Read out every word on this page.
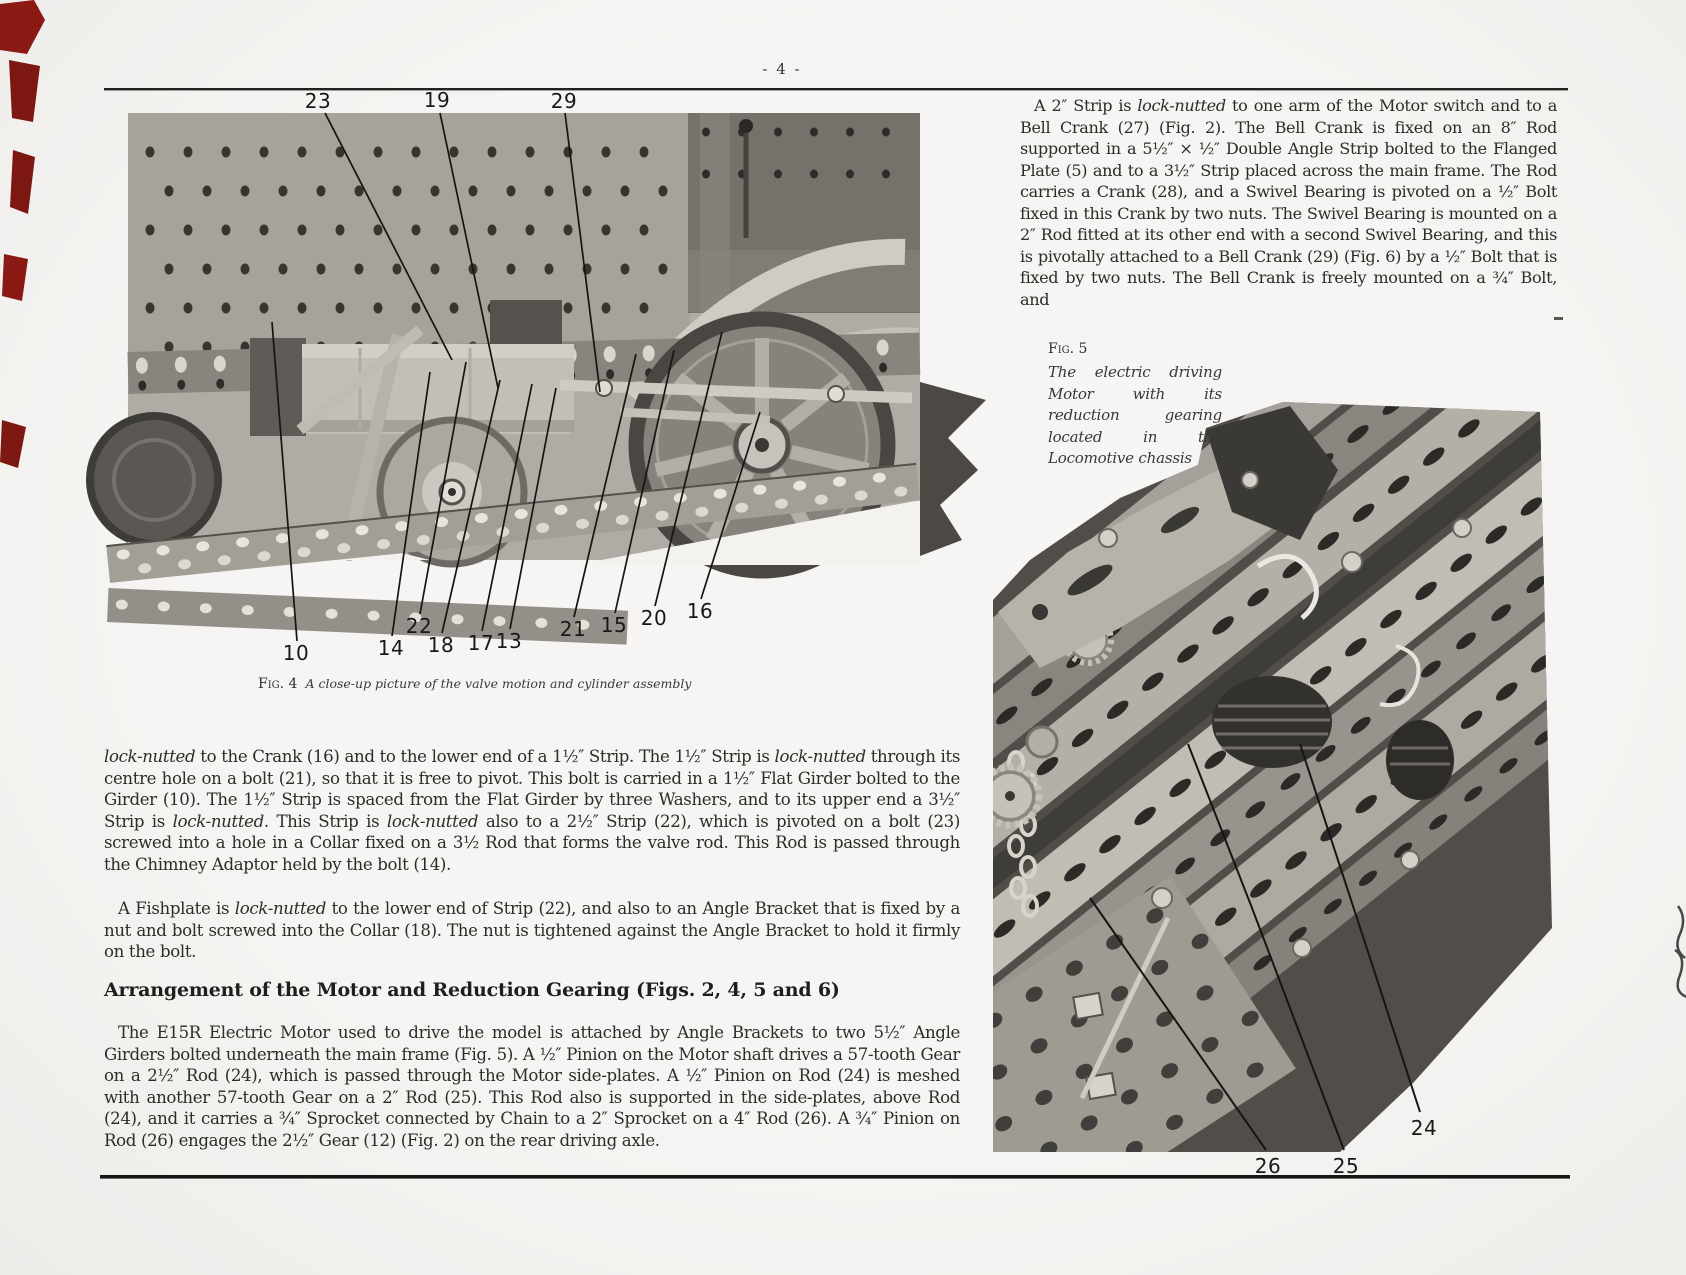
- 4 -
A 2″ Strip is lock-nutted to one arm of the Motor switch and to a Bell Crank (27) (Fig. 2). The Bell Crank is fixed on an 8″ Rod supported in a 5½″ × ½″ Double Angle Strip bolted to the Flanged Plate (5) and to a 3½″ Strip placed across the main frame. The Rod carries a Crank (28), and a Swivel Bearing is pivoted on a ½″ Bolt fixed in this Crank by two nuts. The Swivel Bearing is mounted on a 2″ Rod fitted at its other end with a second Swivel Bearing, and this is pivotally attached to a Bell Crank (29) (Fig. 6) by a ½″ Bolt that is fixed by two nuts. The Bell Crank is freely mounted on a ¾″ Bolt, and
Fig. 5
The electric driving Motor with its reduction gearing located in the Locomotive chassis
Fig. 4 A close-up picture of the valve motion and cylinder assembly
lock-nutted to the Crank (16) and to the lower end of a 1½″ Strip. The 1½″ Strip is lock-nutted through its centre hole on a bolt (21), so that it is free to pivot. This bolt is carried in a 1½″ Flat Girder bolted to the Girder (10). The 1½″ Strip is spaced from the Flat Girder by three Washers, and to its upper end a 3½″ Strip is lock-nutted. This Strip is lock-nutted also to a 2½″ Strip (22), which is pivoted on a bolt (23) screwed into a hole in a Collar fixed on a 3½ Rod that forms the valve rod. This Rod is passed through the Chimney Adaptor held by the bolt (14).
A Fishplate is lock-nutted to the lower end of Strip (22), and also to an Angle Bracket that is fixed by a nut and bolt screwed into the Collar (18). The nut is tightened against the Angle Bracket to hold it firmly on the bolt.
Arrangement of the Motor and Reduction Gearing (Figs. 2, 4, 5 and 6)
The E15R Electric Motor used to drive the model is attached by Angle Brackets to two 5½″ Angle Girders bolted underneath the main frame (Fig. 5). A ½″ Pinion on the Motor shaft drives a 57-tooth Gear on a 2½″ Rod (24), which is passed through the Motor side-plates. A ½″ Pinion on Rod (24) is meshed with another 57-tooth Gear on a 2″ Rod (25). This Rod also is supported in the side-plates, above Rod (24), and it carries a ¾″ Sprocket connected by Chain to a 2″ Sprocket on a 4″ Rod (26). A ¾″ Pinion on Rod (26) engages the 2½″ Gear (12) (Fig. 2) on the rear driving axle.
23	19	29
10	14
22
18 17 13 21 15 20 16
24
25
26
